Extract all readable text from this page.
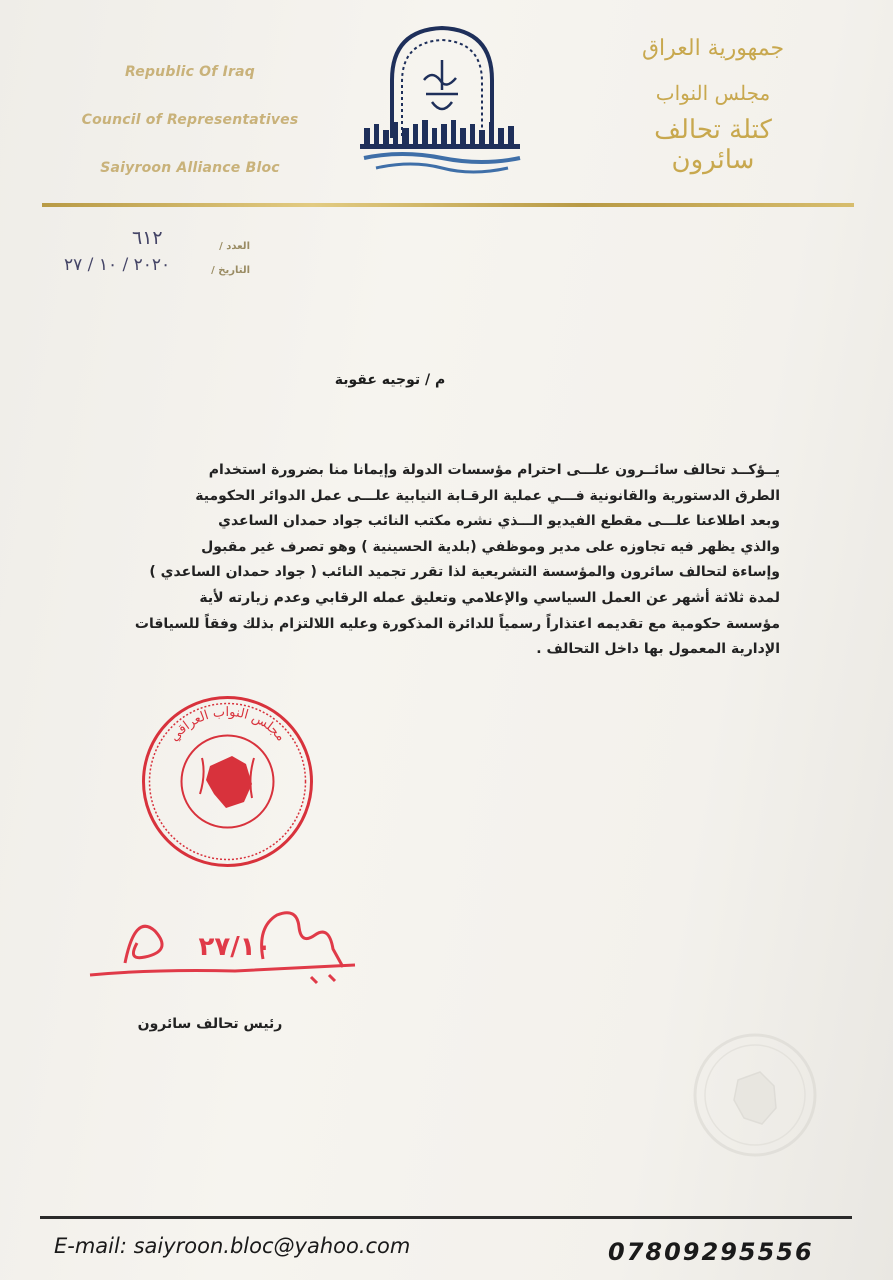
Republic Of Iraq
Council of Representatives
Saiyroon Alliance Bloc
جمهورية العراق
مجلس النواب
كتلة تحالف سائرون
العدد /
٦١٢
التاريخ /
٢٠٢٠ / ١٠ / ٢٧
م / توجيه عقوبة
يــؤكــد تحالف سائــرون علـــى احترام مؤسسات الدولة وإيمانا منا بضرورة استخدام
الطرق الدستورية والقانونية فـــي عملية الرقـابة النيابية علـــى عمل الدوائر الحكومية
وبعد اطلاعنا علـــى مقطع الفيديو الـــذي نشره مكتب النائب جواد حمدان الساعدي
والذي يظهر فيه تجاوزه على مدير وموظفي (بلدية الحسينية ) وهو تصرف غير مقبول
وإساءة لتحالف سائرون والمؤسسة التشريعية لذا تقرر تجميد النائب ( جواد حمدان الساعدي )
لمدة ثلاثة أشهر عن العمل السياسي والإعلامي وتعليق عمله الرقابي وعدم زيارته لأية
مؤسسة حكومية مع تقديمه اعتذاراً رسمياً للدائرة المذكورة وعليه اللالتزام بذلك وفقاً للسياقات
الإدارية المعمول بها داخل التحالف .
مجلس النواب العراقي
٢٧/١٠
رئيس تحالف سائرون
E-mail: saiyroon.bloc@yahoo.com	07809295556
